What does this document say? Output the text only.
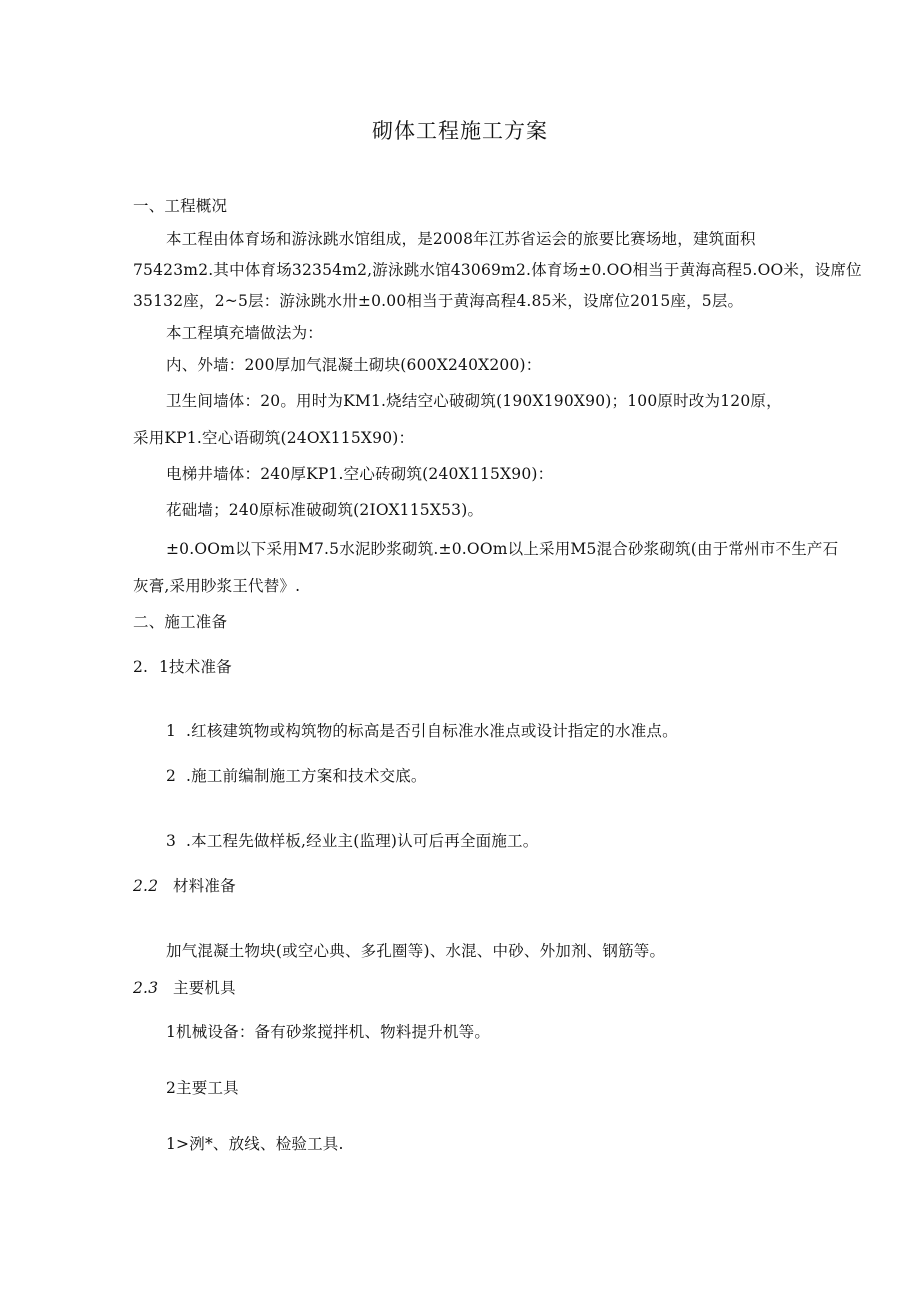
砌体工程施工方案
一、工程概况
本工程由体育场和游泳跳水馆组成，是2008年江苏省运会的旅要比赛场地，建筑面积
75423m2.其中体育场32354m2,游泳跳水馆43069m2.体育场±0.OO相当于黄海高程5.OO米，设席位
35132座，2~5层：游泳跳水卅±0.00相当于黄海高程4.85米，设席位2015座，5层。
本工程填充墙做法为：
内、外墙：200厚加气混凝土砌块(600X240X200)：
卫生间墙体：20。用时为KM1.烧结空心破砌筑(190X190X90)；100原时改为120原，
采用KP1.空心语砌筑(24OX115X90)：
电梯井墙体：240厚KP1.空心砖砌筑(240X115X90)：
花础墙；240原标准破砌筑(2IOX115X53)。
±0.OOm以下采用M7.5水泥眇浆砌筑.±0.OOm以上采用M5混合砂浆砌筑(由于常州市不生产石
灰膏,采用眇浆王代替》.
二、施工准备
2. 1技术准备
1 .红核建筑物或构筑物的标高是否引自标准水准点或设计指定的水准点。
2 .施工前编制施工方案和技术交底。
3 .本工程先做样板,经业主(监理)认可后再全面施工。
2.2 材料准备
加气混凝土物块(或空心典、多孔圈等)、水混、中砂、外加剂、钢筋等。
2.3 主要机具
1机械设备：备有砂浆搅拌机、物料提升机等。
2主要工具
1>洌*、放线、检验工具.
